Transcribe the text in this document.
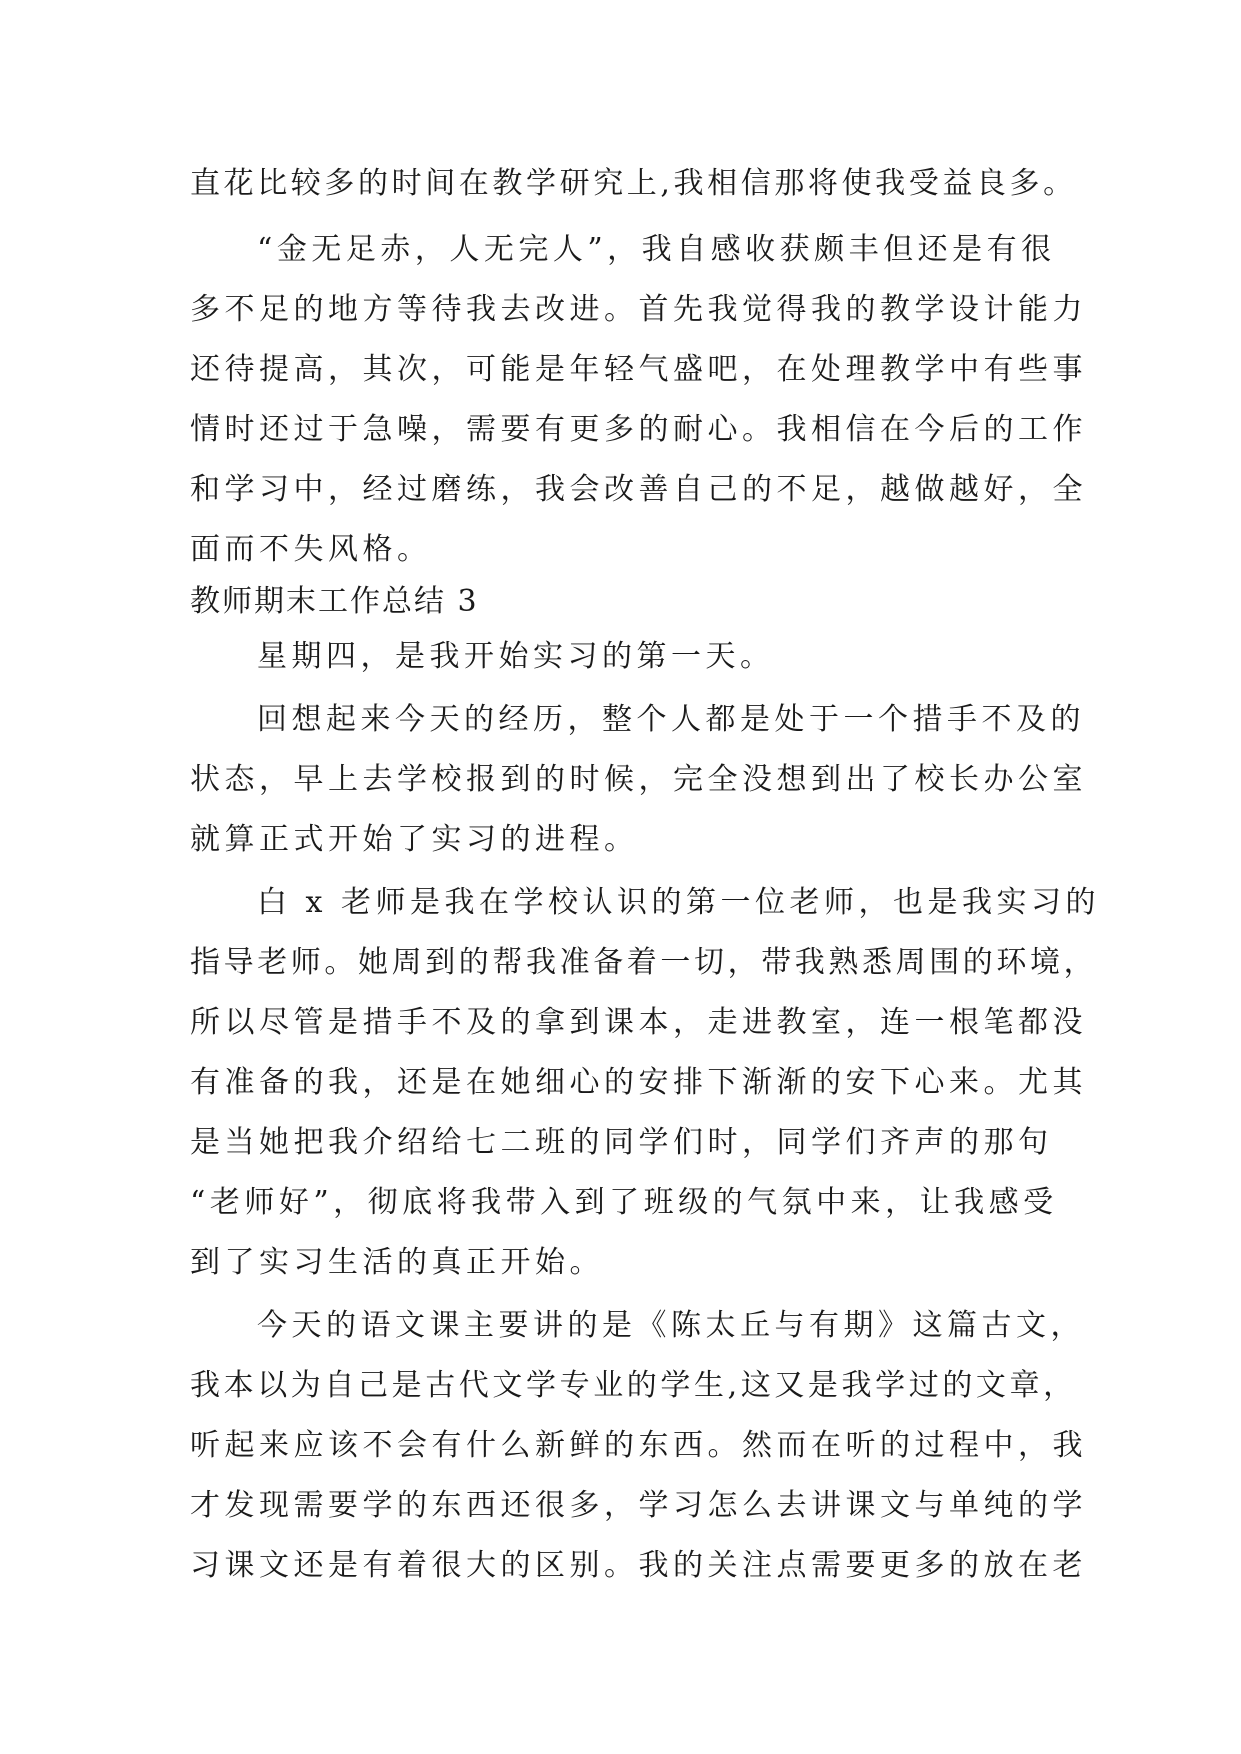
直花比较多的时间在教学研究上,我相信那将使我受益良多。
“金无足赤，人无完人”，我自感收获颇丰但还是有很
多不足的地方等待我去改进。首先我觉得我的教学设计能力
还待提高，其次，可能是年轻气盛吧，在处理教学中有些事
情时还过于急噪，需要有更多的耐心。我相信在今后的工作
和学习中，经过磨练，我会改善自己的不足，越做越好，全
面而不失风格。
教师期末工作总结 3
星期四，是我开始实习的第一天。
回想起来今天的经历，整个人都是处于一个措手不及的
状态，早上去学校报到的时候，完全没想到出了校长办公室
就算正式开始了实习的进程。
白 x 老师是我在学校认识的第一位老师，也是我实习的
指导老师。她周到的帮我准备着一切，带我熟悉周围的环境，
所以尽管是措手不及的拿到课本，走进教室，连一根笔都没
有准备的我，还是在她细心的安排下渐渐的安下心来。尤其
是当她把我介绍给七二班的同学们时，同学们齐声的那句
“老师好”，彻底将我带入到了班级的气氛中来，让我感受
到了实习生活的真正开始。
今天的语文课主要讲的是《陈太丘与有期》这篇古文，
我本以为自己是古代文学专业的学生,这又是我学过的文章，
听起来应该不会有什么新鲜的东西。然而在听的过程中，我
才发现需要学的东西还很多，学习怎么去讲课文与单纯的学
习课文还是有着很大的区别。我的关注点需要更多的放在老
